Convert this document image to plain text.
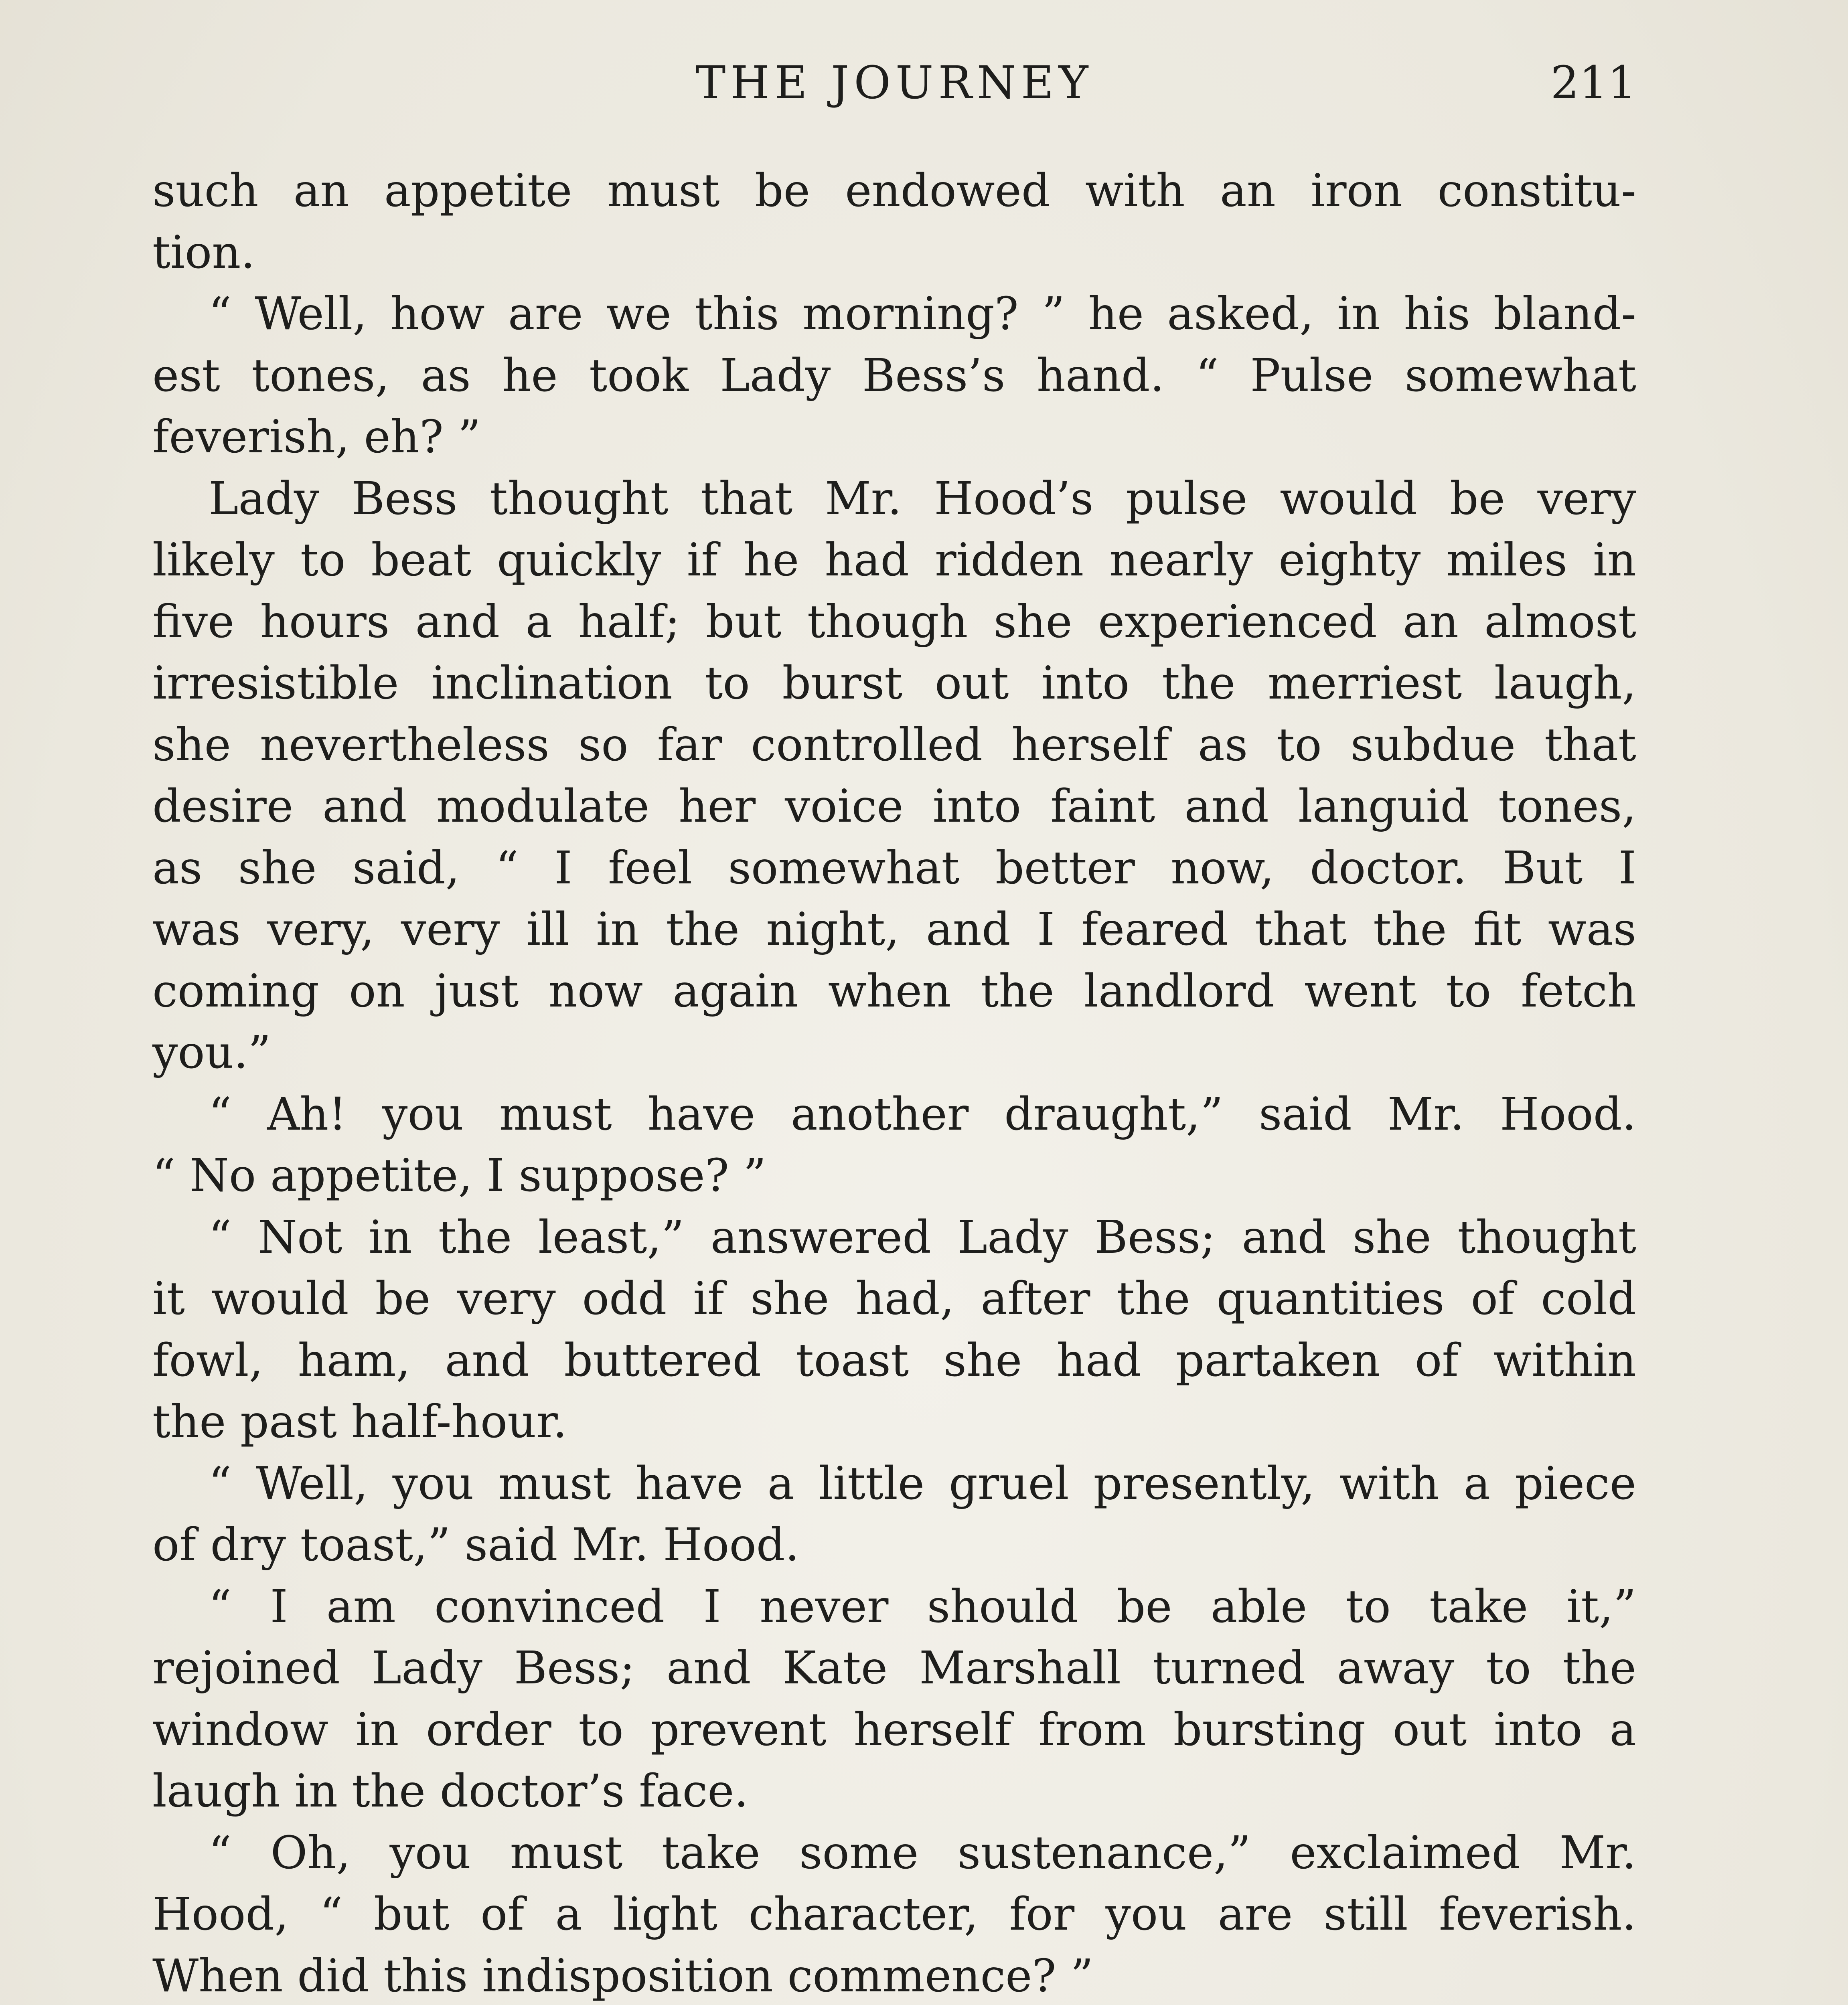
THE JOURNEY	211
such an appetite must be endowed with an iron constitu-
tion.
“ Well, how are we this morning? ” he asked, in his bland-
est tones, as he took Lady Bess’s hand. “ Pulse somewhat
feverish, eh? ”
Lady Bess thought that Mr. Hood’s pulse would be very
likely to beat quickly if he had ridden nearly eighty miles in
five hours and a half; but though she experienced an almost
irresistible inclination to burst out into the merriest laugh,
she nevertheless so far controlled herself as to subdue that
desire and modulate her voice into faint and languid tones,
as she said, “ I feel somewhat better now, doctor. But I
was very, very ill in the night, and I feared that the fit was
coming on just now again when the landlord went to fetch
you.”
“ Ah! you must have another draught,” said Mr. Hood.
“ No appetite, I suppose? ”
“ Not in the least,” answered Lady Bess; and she thought
it would be very odd if she had, after the quantities of cold
fowl, ham, and buttered toast she had partaken of within
the past half-hour.
“ Well, you must have a little gruel presently, with a piece
of dry toast,” said Mr. Hood.
“ I am convinced I never should be able to take it,”
rejoined Lady Bess; and Kate Marshall turned away to the
window in order to prevent herself from bursting out into a
laugh in the doctor’s face.
“ Oh, you must take some sustenance,” exclaimed Mr.
Hood, “ but of a light character, for you are still feverish.
When did this indisposition commence? ”
